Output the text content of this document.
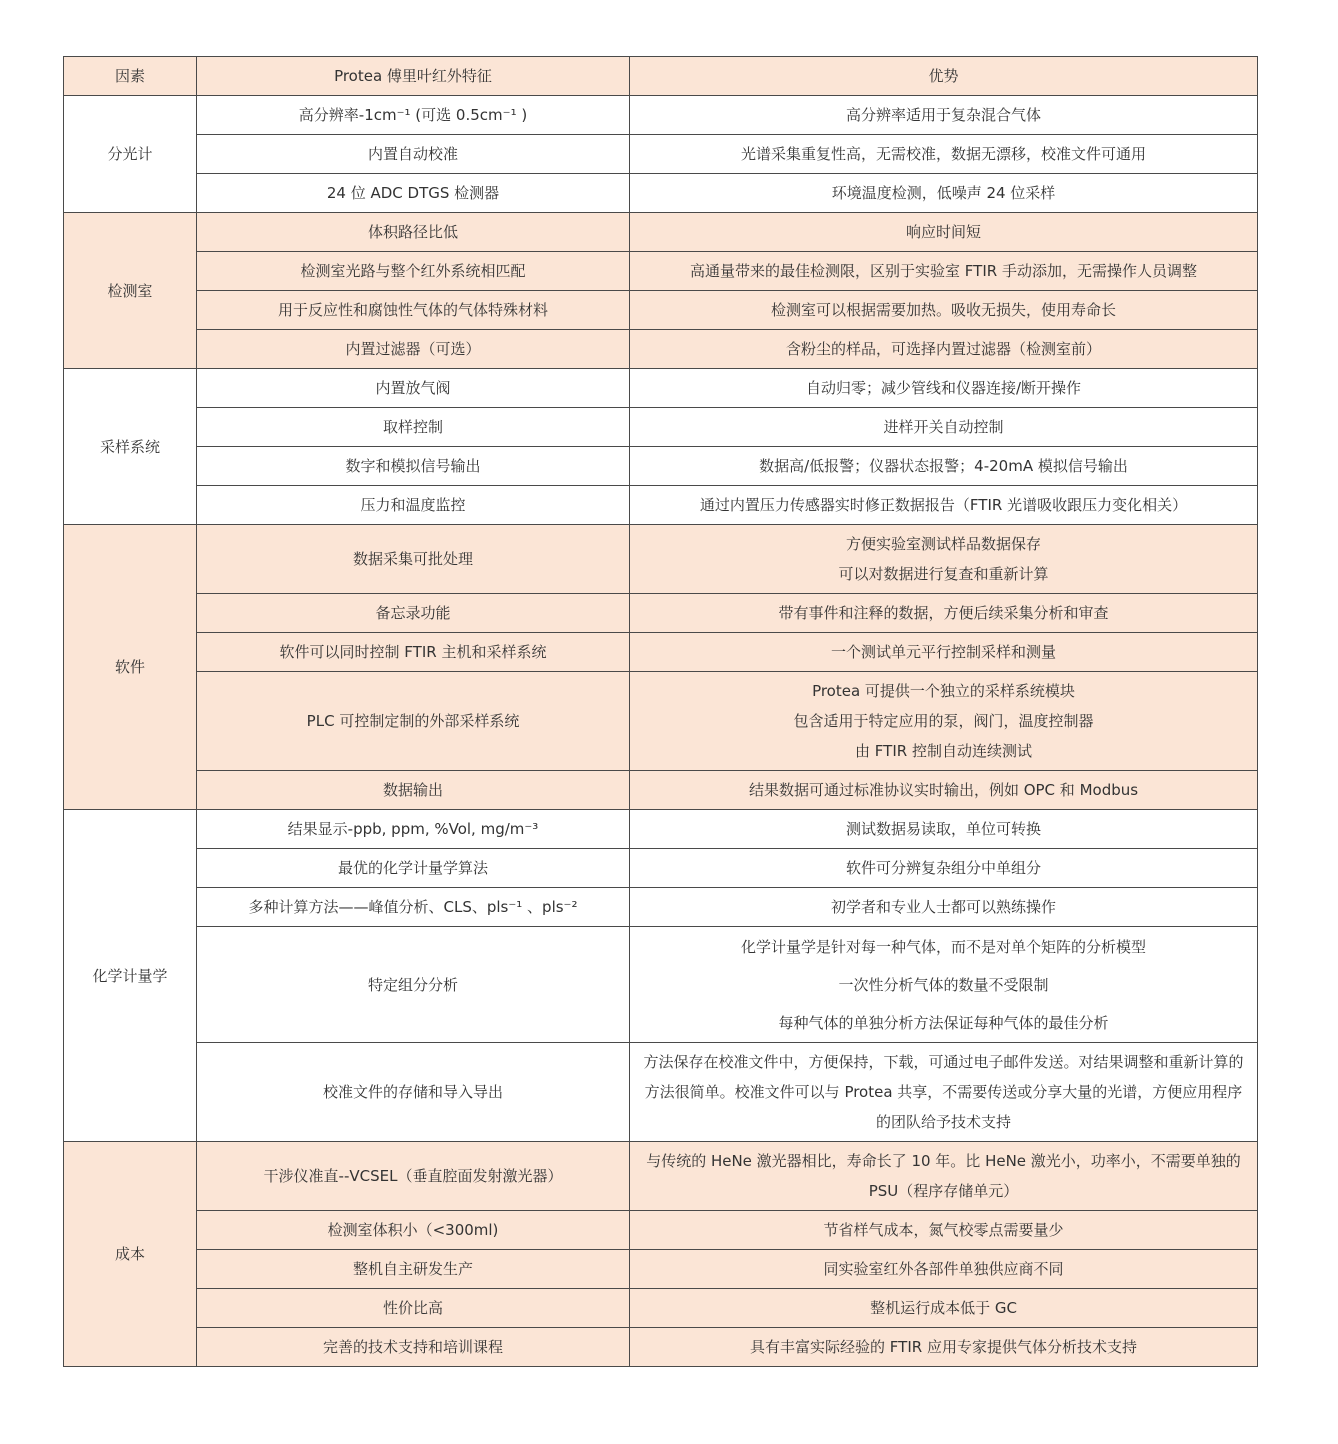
因素	Protea 傅里叶红外特征	优势
分光计	高分辨率-1cm⁻¹ (可选 0.5cm⁻¹ )	高分辨率适用于复杂混合气体

	内置自动校准	光谱采集重复性高，无需校准，数据无漂移，校准文件可通用

	24 位 ADC DTGS 检测器	环境温度检测，低噪声 24 位采样

检测室	体积路径比低	响应时间短

	检测室光路与整个红外系统相匹配	高通量带来的最佳检测限，区别于实验室 FTIR 手动添加，无需操作人员调整

	用于反应性和腐蚀性气体的气体特殊材料	检测室可以根据需要加热。吸收无损失，使用寿命长

	内置过滤器（可选）	含粉尘的样品，可选择内置过滤器（检测室前）

采样系统	内置放气阀	自动归零；减少管线和仪器连接/断开操作

	取样控制	进样开关自动控制

	数字和模拟信号输出	数据高/低报警；仪器状态报警；4-20mA 模拟信号输出

	压力和温度监控	通过内置压力传感器实时修正数据报告（FTIR 光谱吸收跟压力变化相关）

软件	数据采集可批处理	方便实验室测试样品数据保存
可以对数据进行复查和重新计算

	备忘录功能	带有事件和注释的数据，方便后续采集分析和审查

	软件可以同时控制 FTIR 主机和采样系统	一个测试单元平行控制采样和测量

	PLC 可控制定制的外部采样系统	Protea 可提供一个独立的采样系统模块
包含适用于特定应用的泵，阀门，温度控制器
由 FTIR 控制自动连续测试

	数据输出	结果数据可通过标准协议实时输出，例如 OPC 和 Modbus

化学计量学	结果显示-ppb, ppm, %Vol, mg/m⁻³	测试数据易读取，单位可转换

	最优的化学计量学算法	软件可分辨复杂组分中单组分

	多种计算方法——峰值分析、CLS、pls⁻¹ 、pls⁻²	初学者和专业人士都可以熟练操作

	特定组分分析	化学计量学是针对每一种气体，而不是对单个矩阵的分析模型
一次性分析气体的数量不受限制
每种气体的单独分析方法保证每种气体的最佳分析

	校准文件的存储和导入导出	方法保存在校准文件中，方便保持，下载，可通过电子邮件发送。对结果调整和重新计算的方法很简单。校准文件可以与 Protea 共享，不需要传送或分享大量的光谱，方便应用程序的团队给予技术支持

成本	干涉仪准直--VCSEL（垂直腔面发射激光器）	与传统的 HeNe 激光器相比，寿命长了 10 年。比 HeNe 激光小，功率小，不需要单独的 PSU（程序存储单元）

	检测室体积小（<300ml)	节省样气成本，氮气校零点需要量少

	整机自主研发生产	同实验室红外各部件单独供应商不同

	性价比高	整机运行成本低于 GC

	完善的技术支持和培训课程	具有丰富实际经验的 FTIR 应用专家提供气体分析技术支持
